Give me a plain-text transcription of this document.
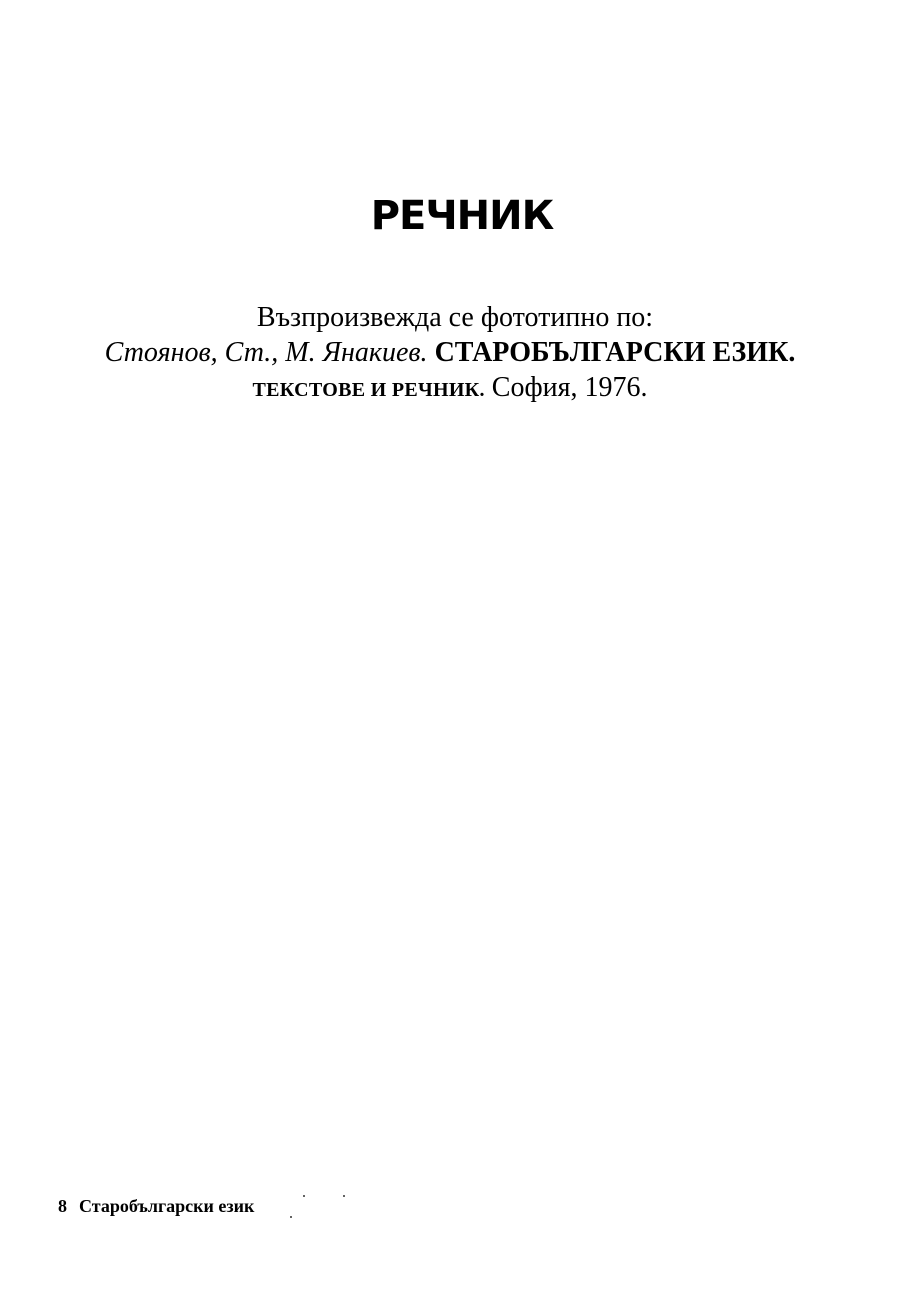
РЕЧНИК
Възпроизвежда се фототипно по:
Стоянов, Ст., М. Янакиев. СТАРОБЪЛГАРСКИ ЕЗИК.
ТЕКСТОВЕ И РЕЧНИК. София, 1976.
8 Старобългарски език
